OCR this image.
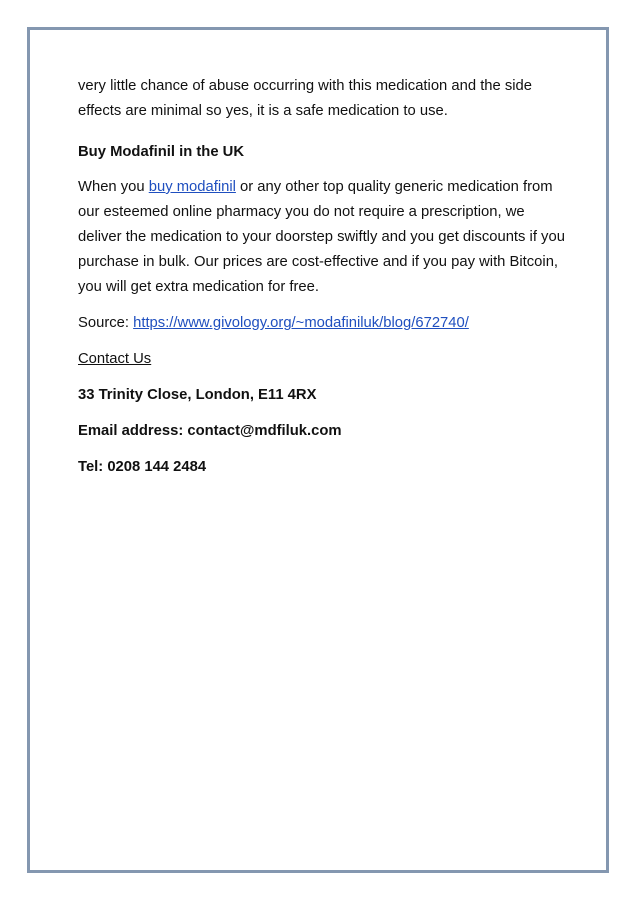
very little chance of abuse occurring with this medication and the side effects are minimal so yes, it is a safe medication to use.

Buy Modafinil in the UK

When you buy modafinil or any other top quality generic medication from our esteemed online pharmacy you do not require a prescription, we deliver the medication to your doorstep swiftly and you get discounts if you purchase in bulk. Our prices are cost-effective and if you pay with Bitcoin, you will get extra medication for free.

Source: https://www.givology.org/~modafiniluk/blog/672740/

Contact Us

33 Trinity Close, London, E11 4RX

Email address: contact@mdfiluk.com

Tel: 0208 144 2484
